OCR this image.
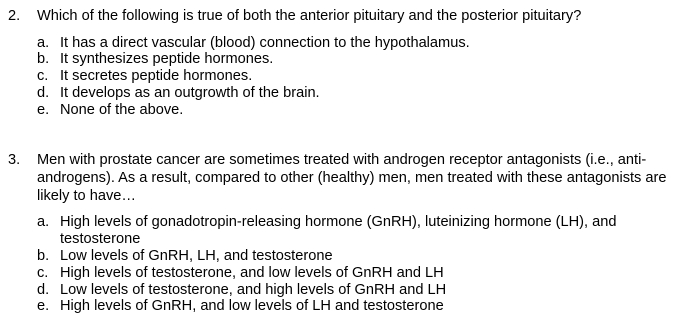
2.	Which of the following is true of both the anterior pituitary and the posterior pituitary?
a. It has a direct vascular (blood) connection to the hypothalamus.
b. It synthesizes peptide hormones.
c. It secretes peptide hormones.
d. It develops as an outgrowth of the brain.
e. None of the above.
3.	Men with prostate cancer are sometimes treated with androgen receptor antagonists (i.e., anti-androgens). As a result, compared to other (healthy) men, men treated with these antagonists are likely to have…
a. High levels of gonadotropin-releasing hormone (GnRH), luteinizing hormone (LH), and testosterone
b. Low levels of GnRH, LH, and testosterone
c. High levels of testosterone, and low levels of GnRH and LH
d. Low levels of testosterone, and high levels of GnRH and LH
e. High levels of GnRH, and low levels of LH and testosterone
